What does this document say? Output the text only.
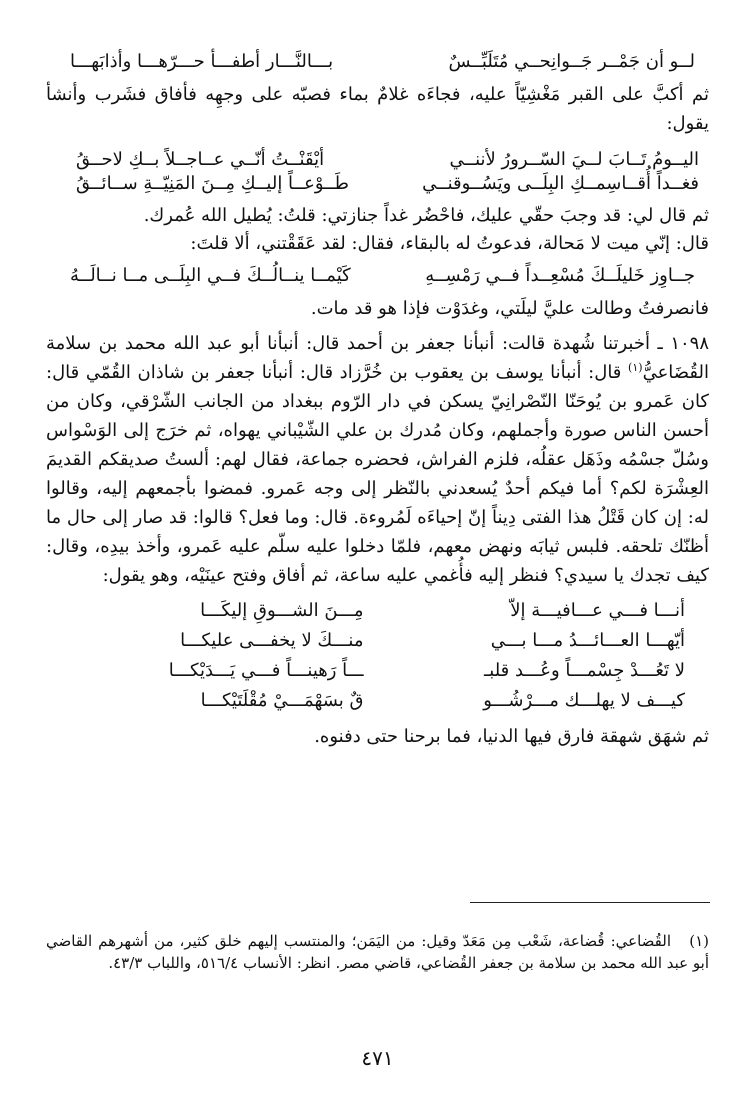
لــو أن جَمْــر جَــوانِحــي مُتَلَبِّــسٌ
بـــالنَّـــار أطفـــأ حـــرّهـــا وأذابَهـــا

ثم أكبَّ على القبر مَغْشِيّاً عليه، فجاءَه غلامٌ بماء فصبّه على وجهِه فأفاق فشَرب وأنشأ يقول:

اليــومُ تَــابَ لــيَ السّــرورُ لأننــي
أيْقَنْــتُ أنّــي عــاجــلاً بــكِ لاحــقُ
فغــداً أُقــاسِمــكِ البِلَــى ويَسُــوقنــي
طَــوْعــاً إليــكِ مِــنَ المَنِيّــةِ ســائــقُ

ثم قال لي: قد وجبَ حقّي عليك، فاحْضُر غداً جنازتي: قلتُ: يُطيل الله عُمرك.

قال: إنّي ميت لا مَحالة، فدعوتُ له بالبقاء، فقال: لقد عَقَقْتني، ألا قلتَ:

جــاوِز خَليلَــكَ مُسْعِــداً فــي رَمْسِــهِ
كَيْمــا ينــالُــكَ فــي البِلَــى مــا نــالَــهُ

فانصرفتُ وطالت عليَّ ليلَتي، وغدَوْت فإذا هو قد مات.

١٠٩٨ ـ أخبرتنا شُهدة قالت: أنبأنا جعفر بن أحمد قال: أنبأنا أبو عبد الله محمد بن سلامة القُضَاعيُّ$^{(١)}$ قال: أنبأنا يوسف بن يعقوب بن خُرَّزاد قال: أنبأنا جعفر بن شاذان القُمّي قال: كان عَمرو بن يُوحَنّا النّصْرانِيّ يسكن في دار الرّوم ببغداد من الجانب الشّرْقي، وكان من أحسن الناس صورة وأجملهم، وكان مُدرك بن علي الشّيْباني يهواه، ثم خرَج إلى الوَسْواس وسُلّ جسْمُه وذَهَل عقلُه، فلزم الفراش، فحضره جماعة، فقال لهم: ألستُ صديقكم القديمَ العِشْرَة لكم؟ أما فيكم أحدٌ يُسعدني بالنّظر إلى وجه عَمرو. فمضوا بأجمعهم إليه، وقالوا له: إن كان قَتْلُ هذا الفتى دِيناً إنّ إحياءَه لَمُروءة. قال: وما فعل؟ قالوا: قد صار إلى حال ما أظنّك تلحقه. فلبس ثيابَه ونهض معهم، فلمّا دخلوا عليه سلّم عليه عَمرو، وأخذ بيدِه، وقال: كيف تجدك يا سيدي؟ فنظر إليه فأُغمي عليه ساعة، ثم أفاق وفتح عينَيْه، وهو يقول:

أنـــا فـــي عـــافيـــة إلاّ
مِـــنَ الشـــوقِ إليكَـــا
أيّهـــا العـــائـــدُ مـــا بـــي
منـــكَ لا يخفـــى عليكـــا
لا تَعُـــدْ جِسْمـــاً وعُـــد قلبـ
ـــاً رَهينـــاً فـــي يَـــدَيْكـــا
كيـــف لا يهلـــك مـــرْشُـــو
قٌ بسَهْمَـــيْ مُقْلَتَيْكـــا

ثم شهَق شهقة فارق فيها الدنيا، فما برحنا حتى دفنوه.

(١)القُضاعي: قُضاعة، شَعْب مِن مَعَدّ وقيل: من اليَمَن؛ والمنتسب إليهم خلق كثير، من أشهرهم القاضي أبو عبد الله محمد بن سلامة بن جعفر القُضاعي، قاضي مصر. انظر: الأنساب ٥١٦/٤، واللباب ٤٣/٣.
٤٧١
